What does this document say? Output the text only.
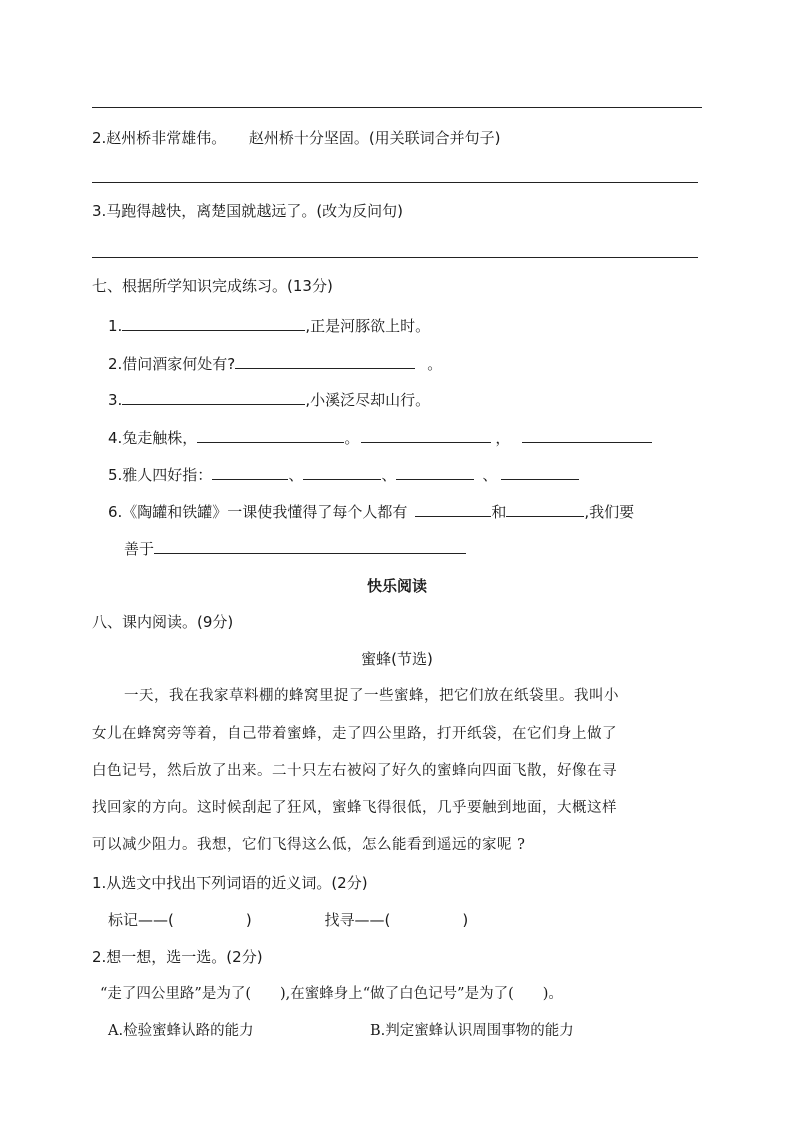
2.赵州桥非常雄伟。　　赵州桥十分坚固。(用关联词合并句子)
3.马跑得越快，离楚国就越远了。(改为反问句)
七、根据所学知识完成练习。(13分)
1.	,正是河豚欲上时。
2.借问酒家何处有?	。
3.	,小溪泛尽却山行。
4.兔走触株，	。	，
5.雅人四好指：	、	、	、
6.《陶罐和铁罐》一课使我懂得了每个人都有	和	,我们要
善于
快乐阅读
八、课内阅读。(9分)
蜜蜂(节选)
一天，我在我家草料棚的蜂窝里捉了一些蜜蜂，把它们放在纸袋里。我叫小
女儿在蜂窝旁等着，自己带着蜜蜂，走了四公里路，打开纸袋，在它们身上做了
白色记号，然后放了出来。二十只左右被闷了好久的蜜蜂向四面飞散，好像在寻
找回家的方向。这时候刮起了狂风，蜜蜂飞得很低，几乎要触到地面，大概这样
可以减少阻力。我想，它们飞得这么低，怎么能看到遥远的家呢 ?
1.从选文中找出下列词语的近义词。(2分)
标记——(	)	找寻——(	)
2.想一想，选一选。(2分)
“走了四公里路”是为了(　　),在蜜蜂身上“做了白色记号”是为了(　　)。
A.检验蜜蜂认路的能力	B.判定蜜蜂认识周围事物的能力
